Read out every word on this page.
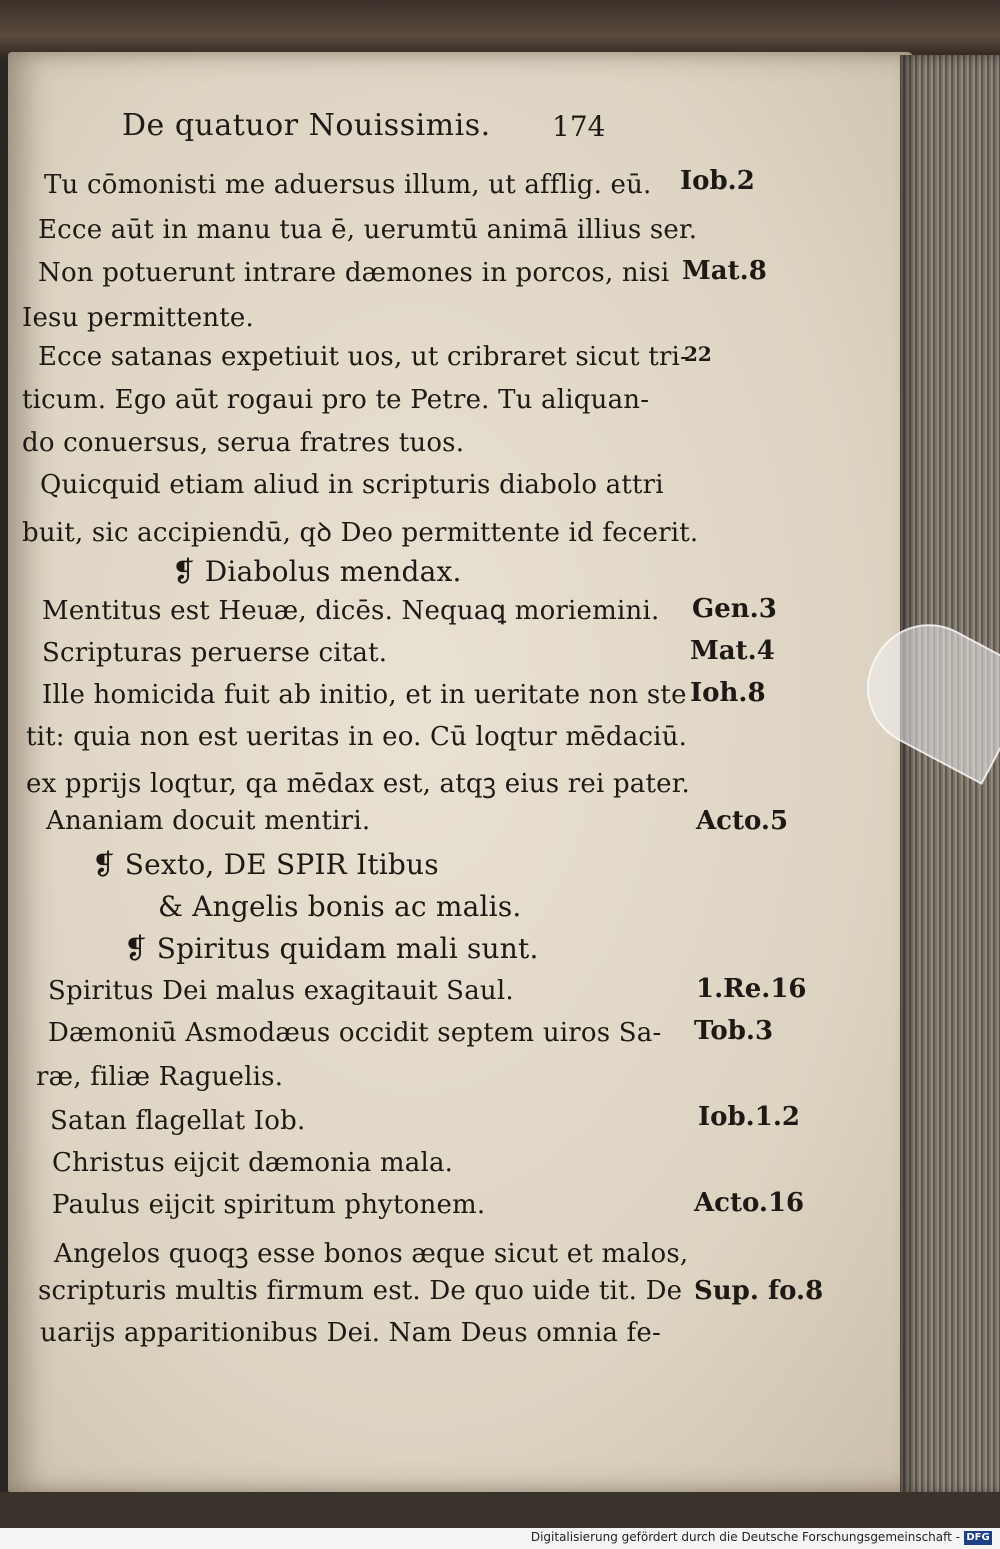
De quatuor Nouissimis. 174
Tu cōmonisti me aduersus illum, ut afflig. eū.
Ecce aūt in manu tua ē, uerumtū animā illius ser.
Non potuerunt intrare dæmones in porcos, nisi
Iesu permittente.
Ecce satanas expetiuit uos, ut cribraret sicut tri-
ticum. Ego aūt rogaui pro te Petre. Tu aliquan-
do conuersus, serua fratres tuos.
Quicquid etiam aliud in scripturis diabolo attri
buit, sic accipiendū, qꝺ Deo permittente id fecerit.
❡ Diabolus mendax.
Mentitus est Heuæ, dicēs. Nequaꝗ moriemini.
Scripturas peruerse citat.
Ille homicida fuit ab initio, et in ueritate non ste
tit: quia non est ueritas in eo. Cū loqtur mēdaciū.
ex pprijs loqtur, qa mēdax est, atqꝫ eius rei pater.
Ananiam docuit mentiri.
❡ Sexto, DE SPIR Itibus
& Angelis bonis ac malis.
❡ Spiritus quidam mali sunt.
Spiritus Dei malus exagitauit Saul.
Dæmoniū Asmodæus occidit septem uiros Sa-
ræ, filiæ Raguelis.
Satan flagellat Iob.
Christus eijcit dæmonia mala.
Paulus eijcit spiritum phytonem.
Angelos quoqꝫ esse bonos æque sicut et malos,
scripturis multis firmum est. De quo uide tit. De
uarijs apparitionibus Dei. Nam Deus omnia fe-
Iob.2
Mat.8
22
Gen.3
Mat.4
Ioh.8
Acto.5
1.Re.16
Tob.3
Iob.1.2
Acto.16
Sup. fo.8
Digitalisierung gefördert durch die Deutsche Forschungsgemeinschaft - DFG
